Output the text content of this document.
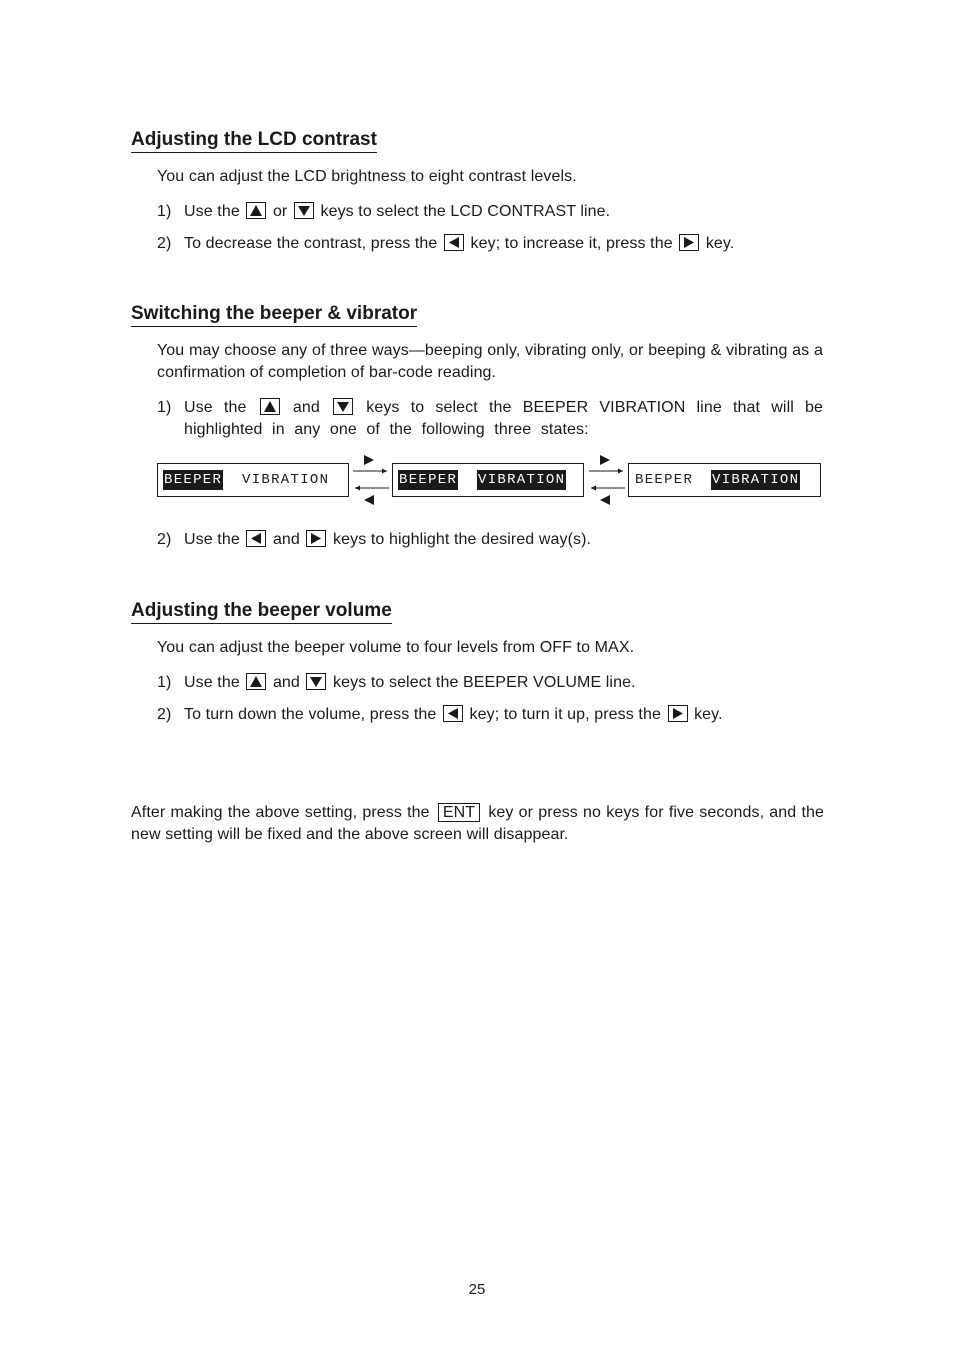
Adjusting the LCD contrast

You can adjust the LCD brightness to eight contrast levels.

1) Use the or keys to select the LCD CONTRAST line.
2) To decrease the contrast, press the key; to increase it, press the key.
Switching the beeper & vibrator

You may choose any of three ways—beeping only, vibrating only, or beeping & vibrating as a confirmation of completion of bar-code reading.

1) Use the	and	keys to select the BEEPER VIBRATION line that will be highlighted in any one of the following three states:
BEEPER VIBRATION	BEEPER VIBRATION	BEEPER VIBRATION
2) Use the and keys to highlight the desired way(s).
Adjusting the beeper volume

You can adjust the beeper volume to four levels from OFF to MAX.

1) Use the and keys to select the BEEPER VOLUME line.
2) To turn down the volume, press the key; to turn it up, press the key.

After making the above setting, press the ENT key or press no keys for five seconds, and the new setting will be fixed and the above screen will disappear.

25
